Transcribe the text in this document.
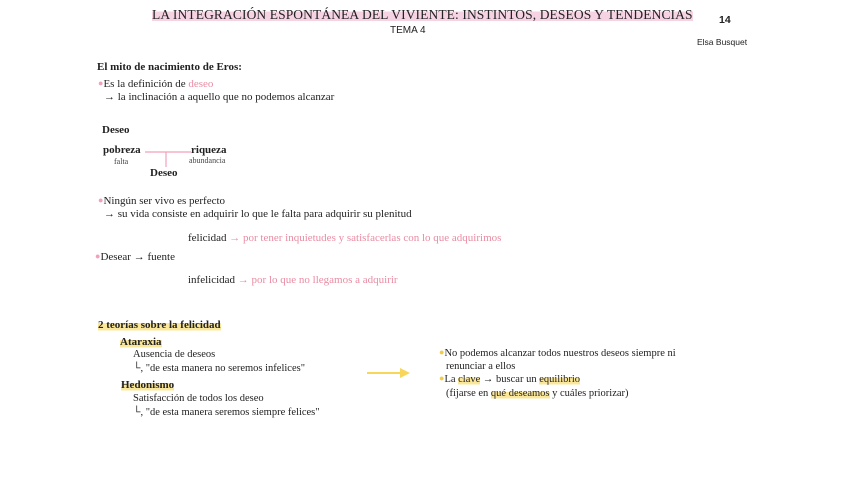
LA INTEGRACIÓN ESPONTÁNEA DEL VIVIENTE: INSTINTOS, DESEOS Y TENDENCIAS
TEMA 4
14
Elsa Busquet
El mito de nacimiento de Eros:
●Es la definición de deseo
→ la inclinación a aquello que no podemos alcanzar
Deseo
pobreza
falta
riqueza
abundancia
Deseo
●Ningún ser vivo es perfecto
→ su vida consiste en adquirir lo que le falta para adquirir su plenitud
felicidad → por tener inquietudes y satisfacerlas con lo que adquirimos
●Desear → fuente
infelicidad → por lo que no llegamos a adquirir
2 teorías sobre la felicidad
Ataraxia
Ausencia de deseos
└, "de esta manera no seremos infelices"
Hedonismo
Satisfacción de todos los deseo
└, "de esta manera seremos siempre felices"
●No podemos alcanzar todos nuestros deseos siempre ni
renunciar a ellos
●La clave → buscar un equilibrio
(fijarse en qué deseamos y cuáles priorizar)
